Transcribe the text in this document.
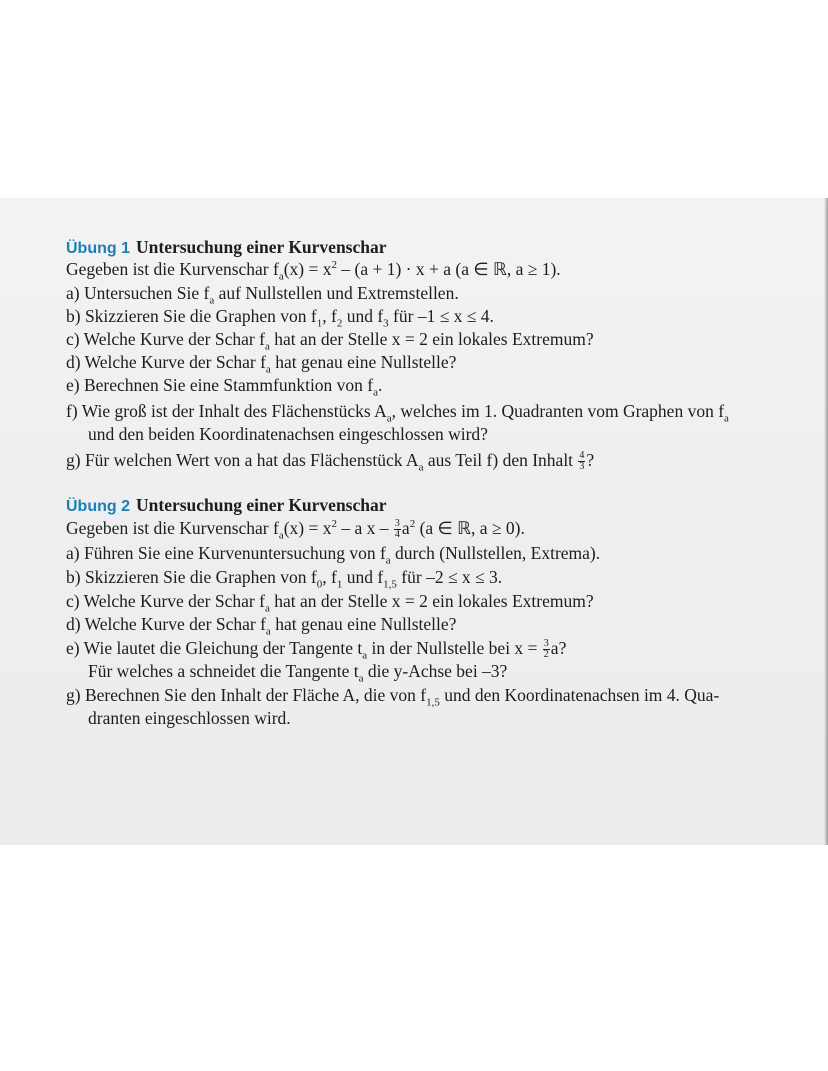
Übung 1 Untersuchung einer Kurvenschar
Gegeben ist die Kurvenschar $f_a(x) = x^2 - (a + 1) \cdot x + a$ (a ∈ ℝ, a ≥ 1).
a) Untersuchen Sie $f_a$ auf Nullstellen und Extremstellen.
b) Skizzieren Sie die Graphen von $f_1$, $f_2$ und $f_3$ für –1 ≤ x ≤ 4.
c) Welche Kurve der Schar $f_a$ hat an der Stelle x = 2 ein lokales Extremum?
d) Welche Kurve der Schar $f_a$ hat genau eine Nullstelle?
e) Berechnen Sie eine Stammfunktion von $f_a$.
f) Wie groß ist der Inhalt des Flächenstücks $A_a$, welches im 1. Quadranten vom Graphen von $f_a$
und den beiden Koordinatenachsen eingeschlossen wird?
g) Für welchen Wert von a hat das Flächenstück $A_a$ aus Teil f) den Inhalt $\frac{4}{3}$ ?
Übung 2 Untersuchung einer Kurvenschar
Gegeben ist die Kurvenschar $f_a(x) = x^2 - a$ x – $\frac{3}{4} a^2$ (a ∈ ℝ, a ≥ 0).
a) Führen Sie eine Kurvenuntersuchung von $f_a$ durch (Nullstellen, Extrema).
b) Skizzieren Sie die Graphen von $f_0$, $f_1$ und $f_{1,5}$ für –2 ≤ x ≤ 3.
c) Welche Kurve der Schar $f_a$ hat an der Stelle x = 2 ein lokales Extremum?
d) Welche Kurve der Schar $f_a$ hat genau eine Nullstelle?
e) Wie lautet die Gleichung der Tangente $t_a$ in der Nullstelle bei $x = \frac{3}{2} a$?
Für welches a schneidet die Tangente $t_a$ die y-Achse bei –3?
g) Berechnen Sie den Inhalt der Fläche A, die von $f_{1,5}$ und den Koordinatenachsen im 4. Qua-
dranten eingeschlossen wird.
